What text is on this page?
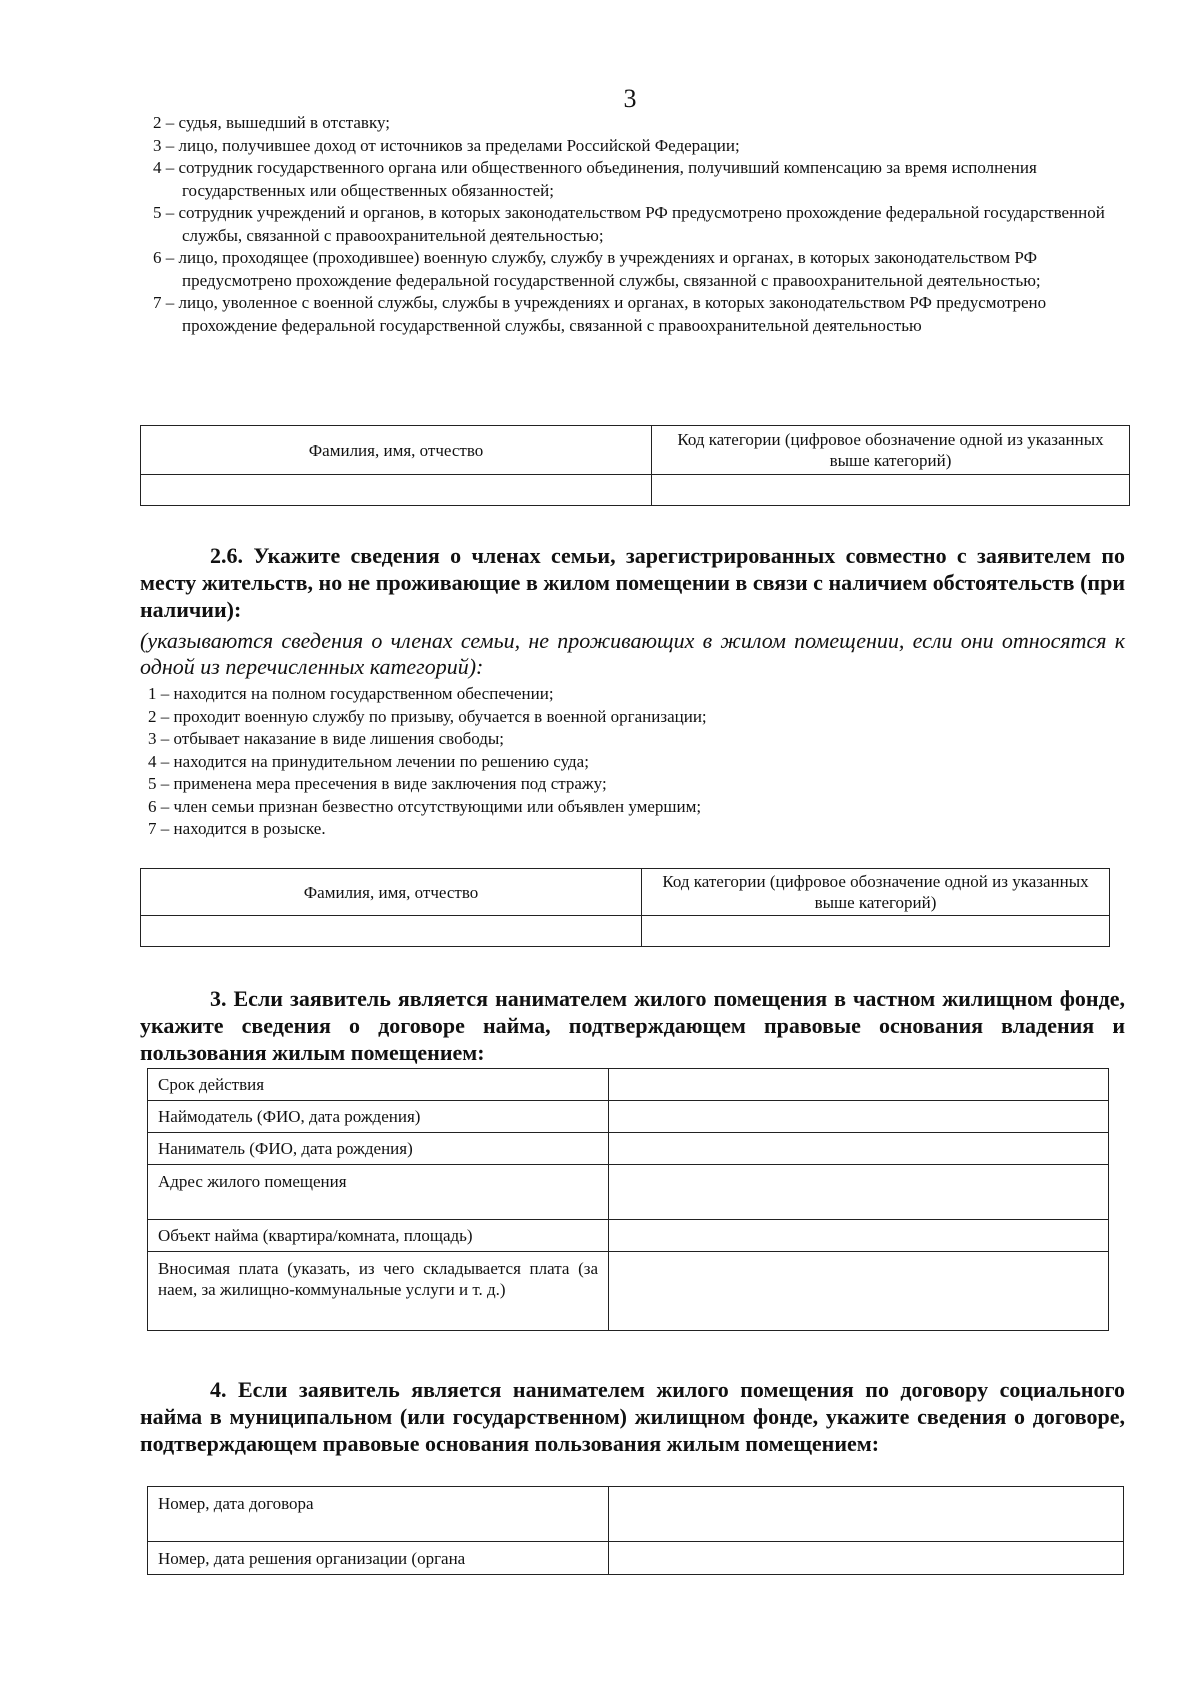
3
2 – судья, вышедший в отставку;
3 – лицо, получившее доход от источников за пределами Российской Федерации;
4 – сотрудник государственного органа или общественного объединения, получивший компенсацию за время исполнения государственных или общественных обязанностей;
5 – сотрудник учреждений и органов, в которых законодательством РФ предусмотрено прохождение федеральной государственной службы, связанной с правоохранительной деятельностью;
6 – лицо, проходящее (проходившее) военную службу, службу в учреждениях и органах, в которых законодательством РФ предусмотрено прохождение федеральной государственной службы, связанной с правоохранительной деятельностью;
7 – лицо, уволенное с военной службы, службы в учреждениях и органах, в которых законодательством РФ предусмотрено прохождение федеральной государственной службы, связанной с правоохранительной деятельностью
Фамилия, имя, отчество	Код категории (цифровое обозначение одной из указанных выше категорий)

2.6. Укажите сведения о членах семьи, зарегистрированных совместно с заявителем по месту жительств, но не проживающие в жилом помещении в связи с наличием обстоятельств (при наличии):
(указываются сведения о членах семьи, не проживающих в жилом помещении, если они относятся к одной из перечисленных категорий):
1 – находится на полном государственном обеспечении;
2 – проходит военную службу по призыву, обучается в военной организации;
3 – отбывает наказание в виде лишения свободы;
4 – находится на принудительном лечении по решению суда;
5 – применена мера пресечения в виде заключения под стражу;
6 – член семьи признан безвестно отсутствующими или объявлен умершим;
7 – находится в розыске.
Фамилия, имя, отчество	Код категории (цифровое обозначение одной из указанных выше категорий)

3. Если заявитель является нанимателем жилого помещения в частном жилищном фонде, укажите сведения о договоре найма, подтверждающем правовые основания владения и пользования жилым помещением:
Срок действия	
Наймодатель (ФИО, дата рождения)	
Наниматель (ФИО, дата рождения)	
Адрес жилого помещения	
Объект найма (квартира/комната, площадь)	
Вносимая плата (указать, из чего складывается плата (за наем, за жилищно-коммунальные услуги и т. д.)	
4. Если заявитель является нанимателем жилого помещения по договору социального найма в муниципальном (или государственном) жилищном фонде, укажите сведения о договоре, подтверждающем правовые основания пользования жилым помещением:
Номер, дата договора	
Номер, дата решения организации (органа	
